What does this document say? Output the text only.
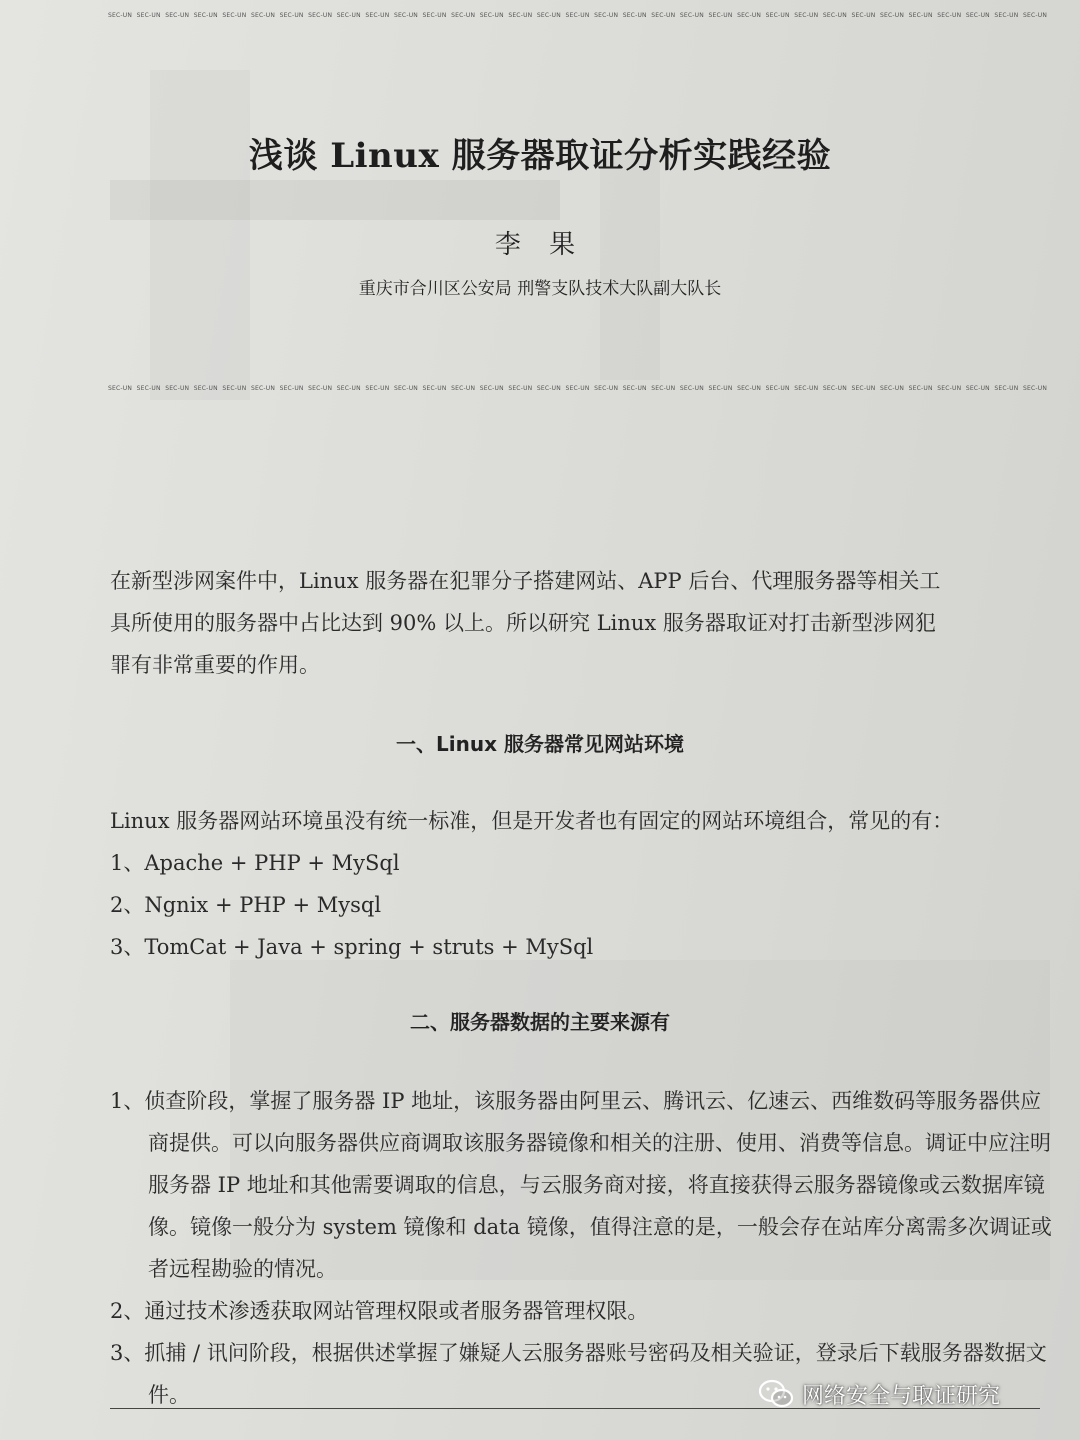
SEC-UN SEC-UN SEC-UN SEC-UN SEC-UN SEC-UN SEC-UN SEC-UN SEC-UN SEC-UN SEC-UN SEC-UN SEC-UN SEC-UN SEC-UN SEC-UN SEC-UN SEC-UN SEC-UN SEC-UN SEC-UN SEC-UN SEC-UN SEC-UN SEC-UN SEC-UN SEC-UN SEC-UN SEC-UN SEC-UN SEC-UN SEC-UN SEC-UN
浅谈 Linux 服务器取证分析实践经验
李 果
重庆市合川区公安局 刑警支队技术大队副大队长
SEC-UN SEC-UN SEC-UN SEC-UN SEC-UN SEC-UN SEC-UN SEC-UN SEC-UN SEC-UN SEC-UN SEC-UN SEC-UN SEC-UN SEC-UN SEC-UN SEC-UN SEC-UN SEC-UN SEC-UN SEC-UN SEC-UN SEC-UN SEC-UN SEC-UN SEC-UN SEC-UN SEC-UN SEC-UN SEC-UN SEC-UN SEC-UN SEC-UN
在新型涉网案件中，Linux 服务器在犯罪分子搭建网站、APP 后台、代理服务器等相关工
具所使用的服务器中占比达到 90% 以上。所以研究 Linux 服务器取证对打击新型涉网犯
罪有非常重要的作用。
一、Linux 服务器常见网站环境
Linux 服务器网站环境虽没有统一标准，但是开发者也有固定的网站环境组合，常见的有：
1、Apache + PHP + MySql
2、Ngnix + PHP + Mysql
3、TomCat + Java + spring + struts + MySql
二、服务器数据的主要来源有
1、侦查阶段，掌握了服务器 IP 地址，该服务器由阿里云、腾讯云、亿速云、西维数码等服务器供应商提供。可以向服务器供应商调取该服务器镜像和相关的注册、使用、消费等信息。调证中应注明服务器 IP 地址和其他需要调取的信息，与云服务商对接，将直接获得云服务器镜像或云数据库镜像。镜像一般分为 system 镜像和 data 镜像，值得注意的是，一般会存在站库分离需多次调证或者远程勘验的情况。
2、通过技术渗透获取网站管理权限或者服务器管理权限。
3、抓捕 / 讯问阶段，根据供述掌握了嫌疑人云服务器账号密码及相关验证，登录后下载服务器数据文件。	网络安全与取证研究
